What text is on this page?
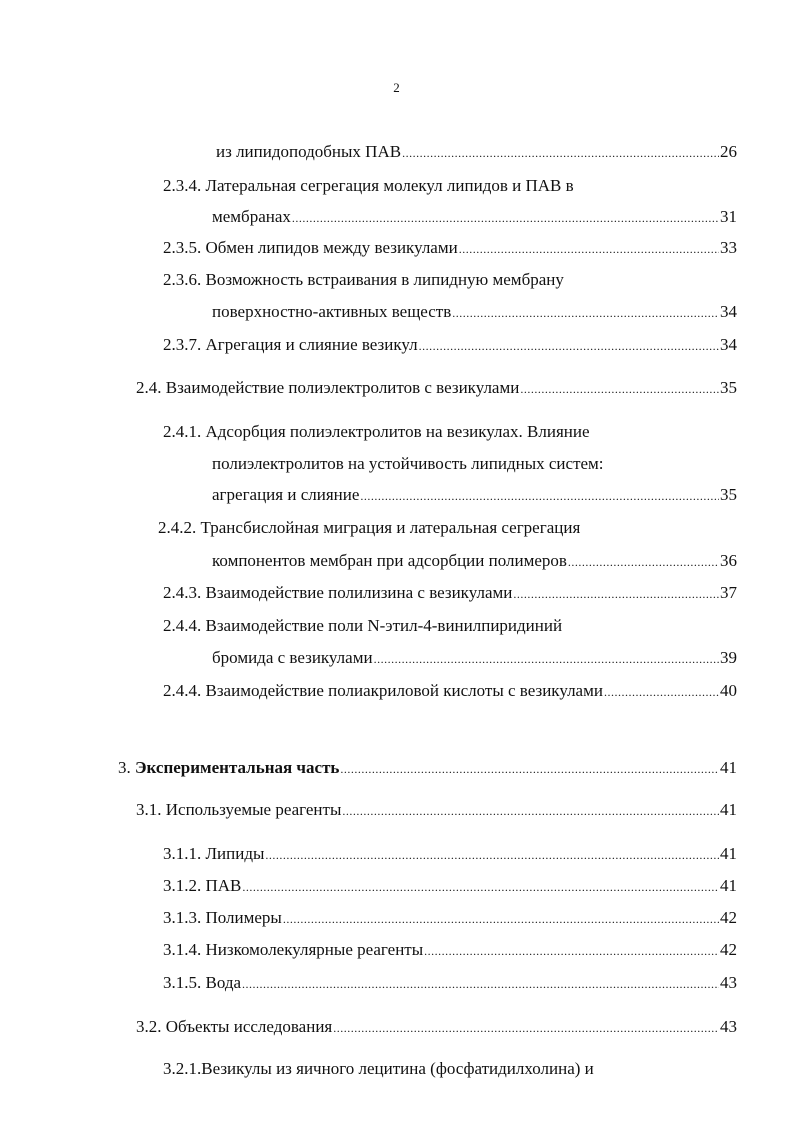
2
из липидоподобных ПАВ .....	26
2.3.4. Латеральная сегрегация молекул липидов и ПАВ в
мембранах .....	31
2.3.5. Обмен липидов между везикулами .....	33
2.3.6. Возможность встраивания в липидную мембрану
поверхностно-активных веществ .....	34
2.3.7. Агрегация и слияние везикул .....	34
2.4. Взаимодействие полиэлектролитов с везикулами .....	35
2.4.1. Адсорбция полиэлектролитов на везикулах. Влияние
полиэлектролитов на устойчивость липидных систем:
агрегация и слияние .....	35
2.4.2. Трансбислойная миграция и латеральная сегрегация
компонентов мембран при адсорбции полимеров .....	36
2.4.3. Взаимодействие полилизина с везикулами .....	37
2.4.4. Взаимодействие поли N-этил-4-винилпиридиний
бромида с везикулами .....	39
2.4.4. Взаимодействие полиакриловой кислоты с везикулами .....	40
3. Экспериментальная часть .....	41
3.1. Используемые реагенты .....	41
3.1.1. Липиды .....	41
3.1.2. ПАВ .....	41
3.1.3. Полимеры .....	42
3.1.4. Низкомолекулярные реагенты .....	42
3.1.5. Вода .....	43
3.2. Объекты исследования .....	43
3.2.1.Везикулы из яичного лецитина (фосфатидилхолина) и
